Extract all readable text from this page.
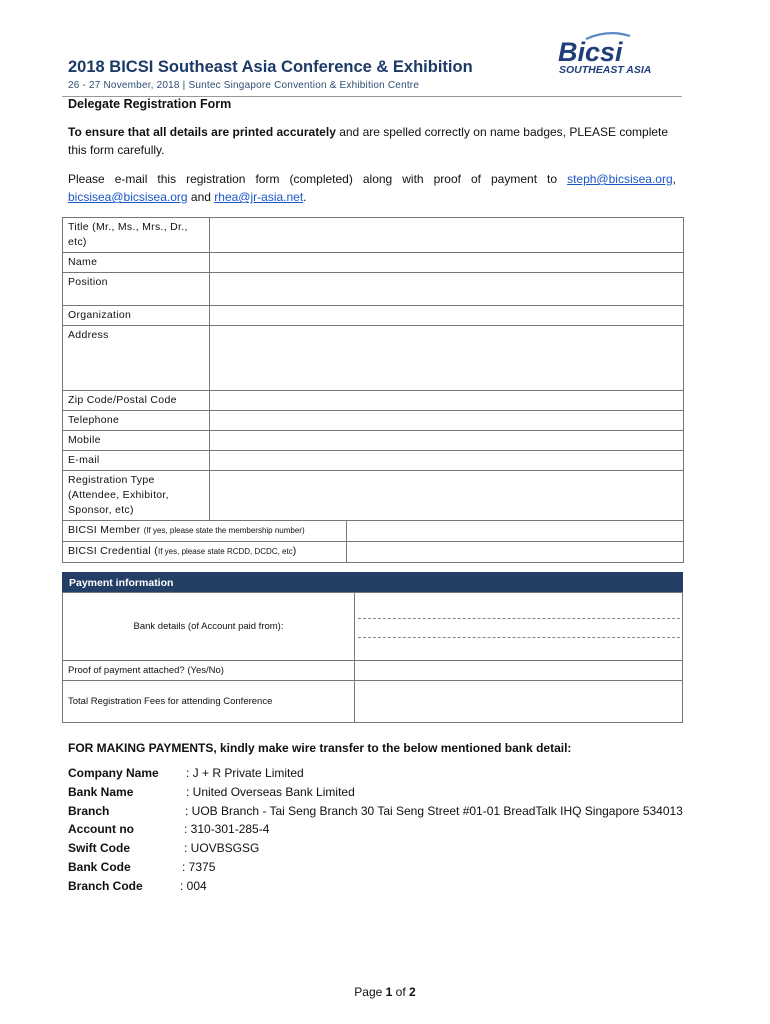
Bicsi
SOUTHEAST ASIA
2018 BICSI Southeast Asia Conference & Exhibition
26 - 27 November, 2018 | Suntec Singapore Convention & Exhibition Centre
Delegate Registration Form
To ensure that all details are printed accurately and are spelled correctly on name badges, PLEASE complete this form carefully.
Please e-mail this registration form (completed) along with proof of payment to steph@bicsisea.org, bicsisea@bicsisea.org and rhea@jr-asia.net.
Title (Mr., Ms., Mrs., Dr., etc)	
Name	
Position	
Organization	
Address	
Zip Code/Postal Code	
Telephone	
Mobile	
E-mail	
Registration Type (Attendee, Exhibitor, Sponsor, etc)	

BICSI Member (If yes, please state the membership number)	

BICSI Credential (If yes, please state RCDD, DCDC, etc)	
Payment information
Bank details (of Account paid from):	
Proof of payment attached? (Yes/No)	
Total Registration Fees for attending Conference	
FOR MAKING PAYMENTS, kindly make wire transfer to the below mentioned bank detail:
Company Name : J + R Private Limited
Bank Name	: United Overseas Bank Limited
Branch	: UOB Branch - Tai Seng Branch 30 Tai Seng Street #01-01 BreadTalk IHQ Singapore 534013
Account no	: 310-301-285-4
Swift Code	: UOVBSGSG
Bank Code	: 7375
Branch Code	: 004
Page 1 of 2
